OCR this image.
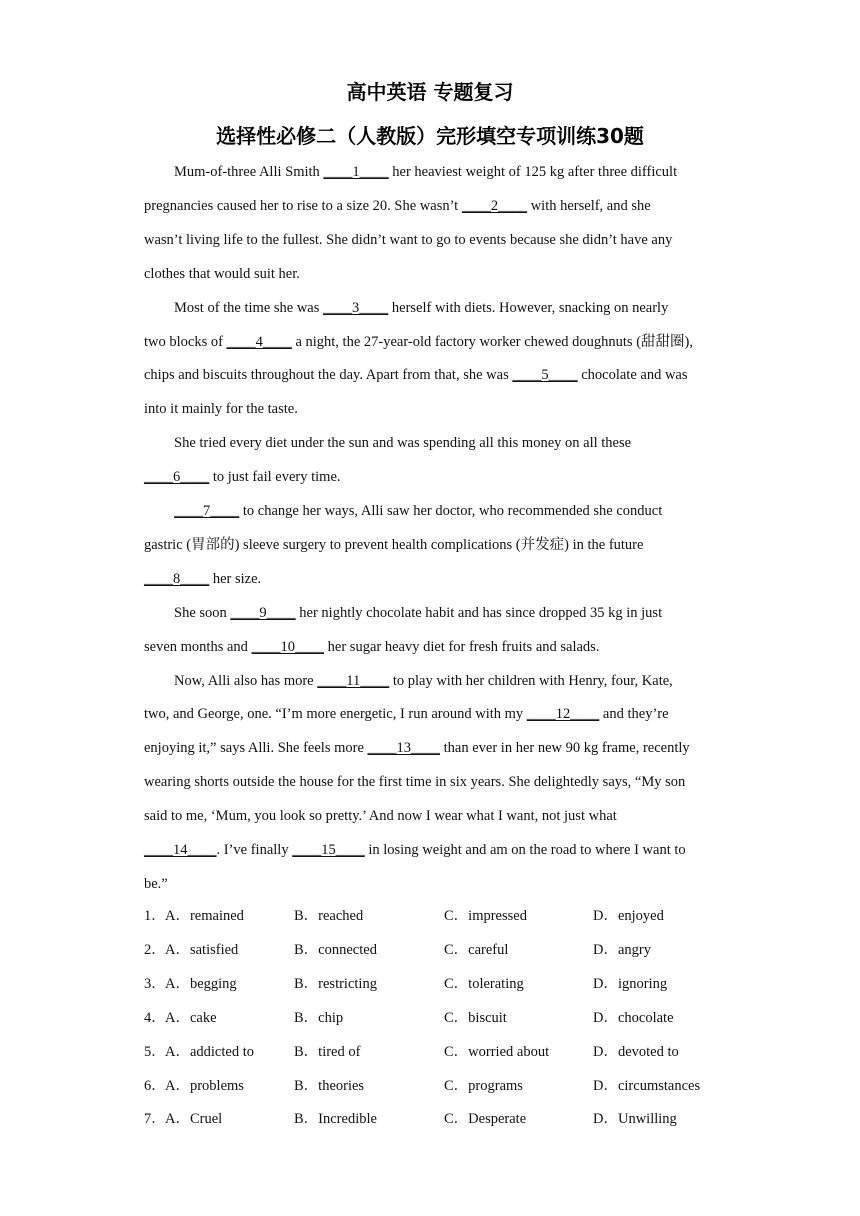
高中英语 专题复习
选择性必修二（人教版）完形填空专项训练30题
Mum-of-three Alli Smith ____1____ her heaviest weight of 125 kg after three difficult
pregnancies caused her to rise to a size 20. She wasn’t ____2____ with herself, and she
wasn’t living life to the fullest. She didn’t want to go to events because she didn’t have any
clothes that would suit her.
Most of the time she was ____3____ herself with diets. However, snacking on nearly
two blocks of ____4____ a night, the 27-year-old factory worker chewed doughnuts (甜甜圈),
chips and biscuits throughout the day. Apart from that, she was ____5____ chocolate and was
into it mainly for the taste.
She tried every diet under the sun and was spending all this money on all these
____6____ to just fail every time.
____7____ to change her ways, Alli saw her doctor, who recommended she conduct
gastric (胃部的) sleeve surgery to prevent health complications (并发症) in the future
____8____ her size.
She soon ____9____ her nightly chocolate habit and has since dropped 35 kg in just
seven months and ____10____ her sugar heavy diet for fresh fruits and salads.
Now, Alli also has more ____11____ to play with her children with Henry, four, Kate,
two, and George, one. “I’m more energetic, I run around with my ____12____ and they’re
enjoying it,” says Alli. She feels more ____13____ than ever in her new 90 kg frame, recently
wearing shorts outside the house for the first time in six years. She delightedly says, “My son
said to me, ‘Mum, you look so pretty.’ And now I wear what I want, not just what
____14____. I’ve finally ____15____ in losing weight and am on the road to where I want to
be.”
1． A．remained	B．reached	C．impressed	D．enjoyed
2． A．satisfied	B．connected	C．careful	D．angry
3． A．begging	B．restricting	C．tolerating	D．ignoring
4． A．cake	B．chip	C．biscuit	D．chocolate
5． A．addicted to	B．tired of	C．worried about	D．devoted to
6． A．problems	B．theories	C．programs	D．circumstances
7． A．Cruel	B．Incredible	C．Desperate	D．Unwilling
